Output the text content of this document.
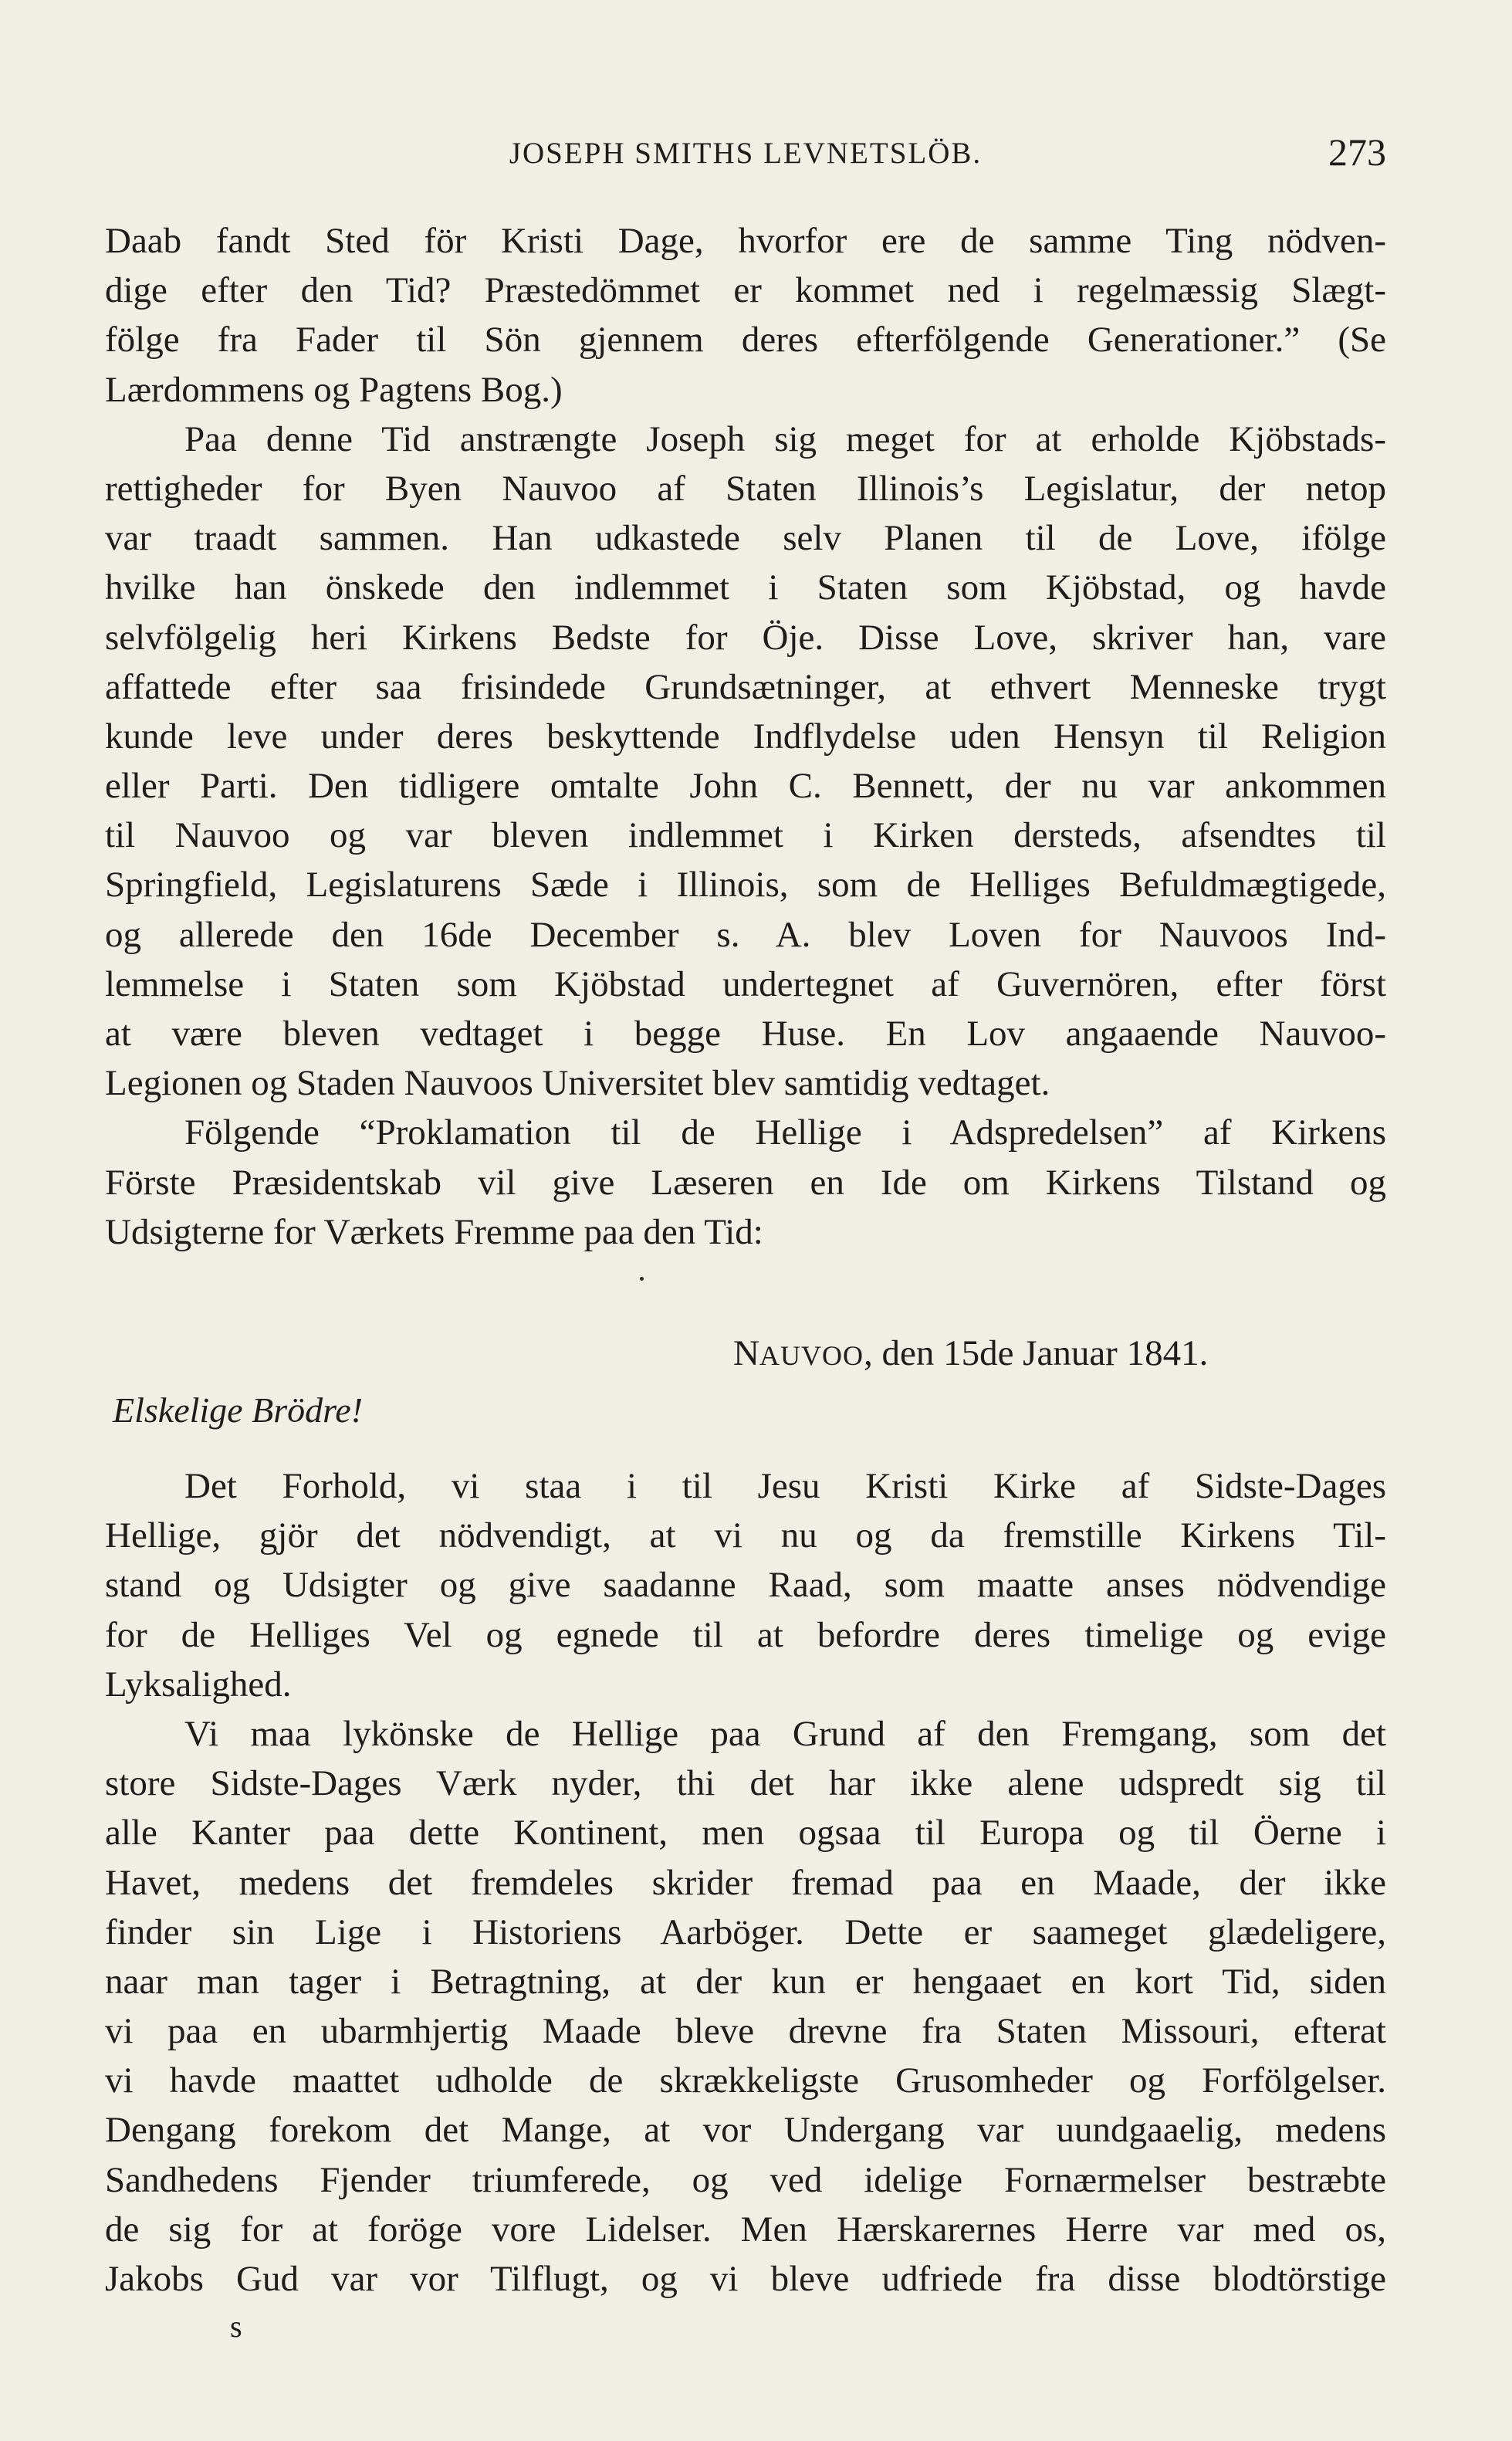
JOSEPH SMITHS LEVNETSLÖB.	273
Daab fandt Sted för Kristi Dage, hvorfor ere de samme Ting nödven-
dige efter den Tid? Præstedömmet er kommet ned i regelmæssig Slægt-
fölge fra Fader til Sön gjennem deres efterfölgende Generationer.” (Se
Lærdommens og Pagtens Bog.)
Paa denne Tid anstrængte Joseph sig meget for at erholde Kjöbstads-
rettigheder for Byen Nauvoo af Staten Illinois’s Legislatur, der netop
var traadt sammen. Han udkastede selv Planen til de Love, ifölge
hvilke han önskede den indlemmet i Staten som Kjöbstad, og havde
selvfölgelig heri Kirkens Bedste for Öje. Disse Love, skriver han, vare
affattede efter saa frisindede Grundsætninger, at ethvert Menneske trygt
kunde leve under deres beskyttende Indflydelse uden Hensyn til Religion
eller Parti. Den tidligere omtalte John C. Bennett, der nu var ankommen
til Nauvoo og var bleven indlemmet i Kirken dersteds, afsendtes til
Springfield, Legislaturens Sæde i Illinois, som de Helliges Befuldmægtigede,
og allerede den 16de December s. A. blev Loven for Nauvoos Ind-
lemmelse i Staten som Kjöbstad undertegnet af Guvernören, efter först
at være bleven vedtaget i begge Huse. En Lov angaaende Nauvoo-
Legionen og Staden Nauvoos Universitet blev samtidig vedtaget.
Fölgende “Proklamation til de Hellige i Adspredelsen” af Kirkens
Förste Præsidentskab vil give Læseren en Ide om Kirkens Tilstand og
Udsigterne for Værkets Fremme paa den Tid:
NAUVOO, den 15de Januar 1841.
Elskelige Brödre!
Det Forhold, vi staa i til Jesu Kristi Kirke af Sidste-Dages
Hellige, gjör det nödvendigt, at vi nu og da fremstille Kirkens Til-
stand og Udsigter og give saadanne Raad, som maatte anses nödvendige
for de Helliges Vel og egnede til at befordre deres timelige og evige
Lyksalighed.
Vi maa lykönske de Hellige paa Grund af den Fremgang, som det
store Sidste-Dages Værk nyder, thi det har ikke alene udspredt sig til
alle Kanter paa dette Kontinent, men ogsaa til Europa og til Öerne i
Havet, medens det fremdeles skrider fremad paa en Maade, der ikke
finder sin Lige i Historiens Aarböger. Dette er saameget glædeligere,
naar man tager i Betragtning, at der kun er hengaaet en kort Tid, siden
vi paa en ubarmhjertig Maade bleve drevne fra Staten Missouri, efterat
vi havde maattet udholde de skrækkeligste Grusomheder og Forfölgelser.
Dengang forekom det Mange, at vor Undergang var uundgaaelig, medens
Sandhedens Fjender triumferede, og ved idelige Fornærmelser bestræbte
de sig for at foröge vore Lidelser. Men Hærskarernes Herre var med os,
Jakobs Gud var vor Tilflugt, og vi bleve udfriede fra disse blodtörstige
s
